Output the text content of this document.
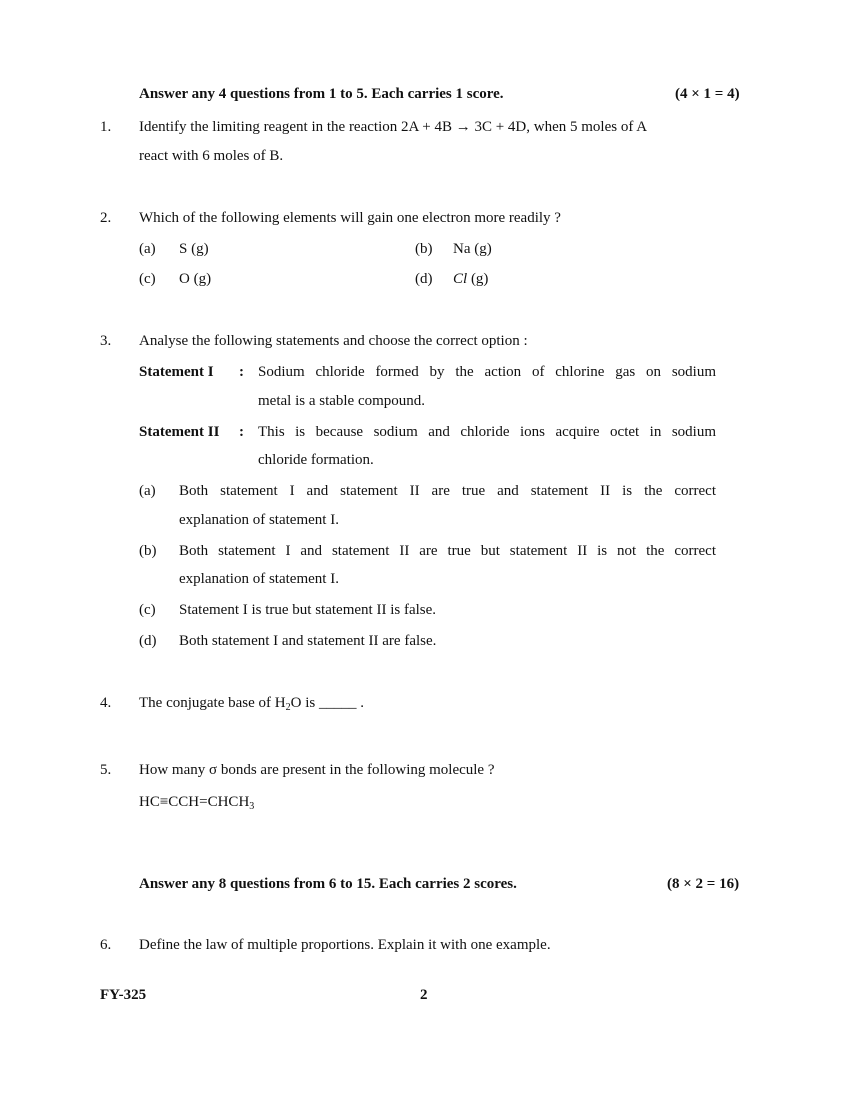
Answer any 4 questions from 1 to 5. Each carries 1 score.	(4 × 1 = 4)
1. Identify the limiting reagent in the reaction 2A + 4B → 3C + 4D, when 5 moles of A
react with 6 moles of B.
2. Which of the following elements will gain one electron more readily ?
(a) S (g)	(b) Na (g)
(c) O (g)	(d) Cl (g)
3. Analyse the following statements and choose the correct option :
Statement I : Sodium chloride formed by the action of chlorine gas on sodium
metal is a stable compound.
Statement II : This is because sodium and chloride ions acquire octet in sodium
chloride formation.
(a) Both statement I and statement II are true and statement II is the correct
explanation of statement I.
(b) Both statement I and statement II are true but statement II is not the correct
explanation of statement I.
(c) Statement I is true but statement II is false.
(d) Both statement I and statement II are false.
4. The conjugate base of $H_2O$ is _____ .
5. How many σ bonds are present in the following molecule ?
$HC\equiv CCH=CHCH_3$
Answer any 8 questions from 6 to 15. Each carries 2 scores.	(8 × 2 = 16)
6. Define the law of multiple proportions. Explain it with one example.
FY-325	2
